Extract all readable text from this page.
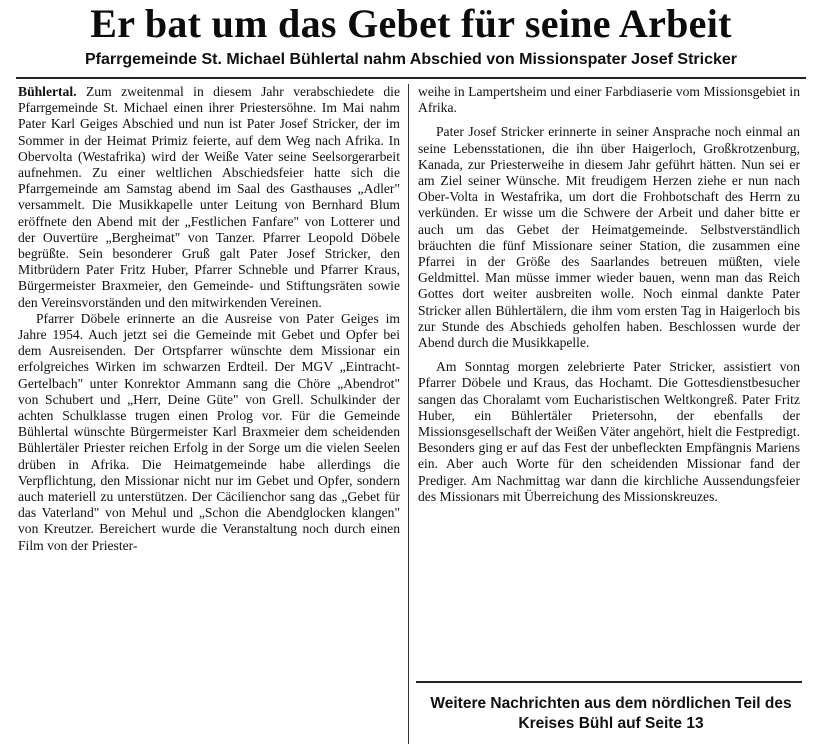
Er bat um das Gebet für seine Arbeit
Pfarrgemeinde St. Michael Bühlertal nahm Abschied von Missionspater Josef Stricker

Bühlertal. Zum zweitenmal in diesem Jahr verabschiedete die Pfarrgemeinde St. Michael einen ihrer Priestersöhne. Im Mai nahm Pater Karl Geiges Abschied und nun ist Pater Josef Stricker, der im Sommer in der Heimat Primiz feierte, auf dem Weg nach Afrika. In Obervolta (Westafrika) wird der Weiße Vater seine Seelsorgerarbeit aufnehmen. Zu einer weltlichen Abschiedsfeier hatte sich die Pfarrgemeinde am Samstag abend im Saal des Gasthauses „Adler" versammelt. Die Musikkapelle unter Leitung von Bernhard Blum eröffnete den Abend mit der „Festlichen Fanfare" von Lotterer und der Ouvertüre „Bergheimat" von Tanzer. Pfarrer Leopold Döbele begrüßte. Sein besonderer Gruß galt Pater Josef Stricker, den Mitbrüdern Pater Fritz Huber, Pfarrer Schneble und Pfarrer Kraus, Bürgermeister Braxmeier, den Gemeinde- und Stiftungsräten sowie den Vereinsvorständen und den mitwirkenden Vereinen.

Pfarrer Döbele erinnerte an die Ausreise von Pater Geiges im Jahre 1954. Auch jetzt sei die Gemeinde mit Gebet und Opfer bei dem Ausreisenden. Der Ortspfarrer wünschte dem Missionar ein erfolgreiches Wirken im schwarzen Erdteil. Der MGV „Eintracht-Gertelbach" unter Konrektor Ammann sang die Chöre „Abendrot" von Schubert und „Herr, Deine Güte" von Grell. Schulkinder der achten Schulklasse trugen einen Prolog vor. Für die Gemeinde Bühlertal wünschte Bürgermeister Karl Braxmeier dem scheidenden Bühlertäler Priester reichen Erfolg in der Sorge um die vielen Seelen drüben in Afrika. Die Heimatgemeinde habe allerdings die Verpflichtung, den Missionar nicht nur im Gebet und Opfer, sondern auch materiell zu unterstützen. Der Cäcilienchor sang das „Gebet für das Vaterland" von Mehul und „Schon die Abendglocken klangen" von Kreutzer. Bereichert wurde die Veranstaltung noch durch einen Film von der Priester-

weihe in Lampertsheim und einer Farbdiaserie vom Missionsgebiet in Afrika.

Pater Josef Stricker erinnerte in seiner Ansprache noch einmal an seine Lebensstationen, die ihn über Haigerloch, Großkrotzenburg, Kanada, zur Priesterweihe in diesem Jahr geführt hätten. Nun sei er am Ziel seiner Wünsche. Mit freudigem Herzen ziehe er nun nach Ober-Volta in Westafrika, um dort die Frohbotschaft des Herrn zu verkünden. Er wisse um die Schwere der Arbeit und daher bitte er auch um das Gebet der Heimatgemeinde. Selbstverständlich bräuchten die fünf Missionare seiner Station, die zusammen eine Pfarrei in der Größe des Saarlandes betreuen müßten, viele Geldmittel. Man müsse immer wieder bauen, wenn man das Reich Gottes dort weiter ausbreiten wolle. Noch einmal dankte Pater Stricker allen Bühlertälern, die ihm vom ersten Tag in Haigerloch bis zur Stunde des Abschieds geholfen haben. Beschlossen wurde der Abend durch die Musikkapelle.

Am Sonntag morgen zelebrierte Pater Stricker, assistiert von Pfarrer Döbele und Kraus, das Hochamt. Die Gottesdienstbesucher sangen das Choralamt vom Eucharistischen Weltkongreß. Pater Fritz Huber, ein Bühlertäler Prietersohn, der ebenfalls der Missionsgesellschaft der Weißen Väter angehört, hielt die Festpredigt. Besonders ging er auf das Fest der unbefleckten Empfängnis Mariens ein. Aber auch Worte für den scheidenden Missionar fand der Prediger. Am Nachmittag war dann die kirchliche Aussendungsfeier des Missionars mit Überreichung des Missionskreuzes.

Weitere Nachrichten aus dem nördlichen Teil des Kreises Bühl auf Seite 13
